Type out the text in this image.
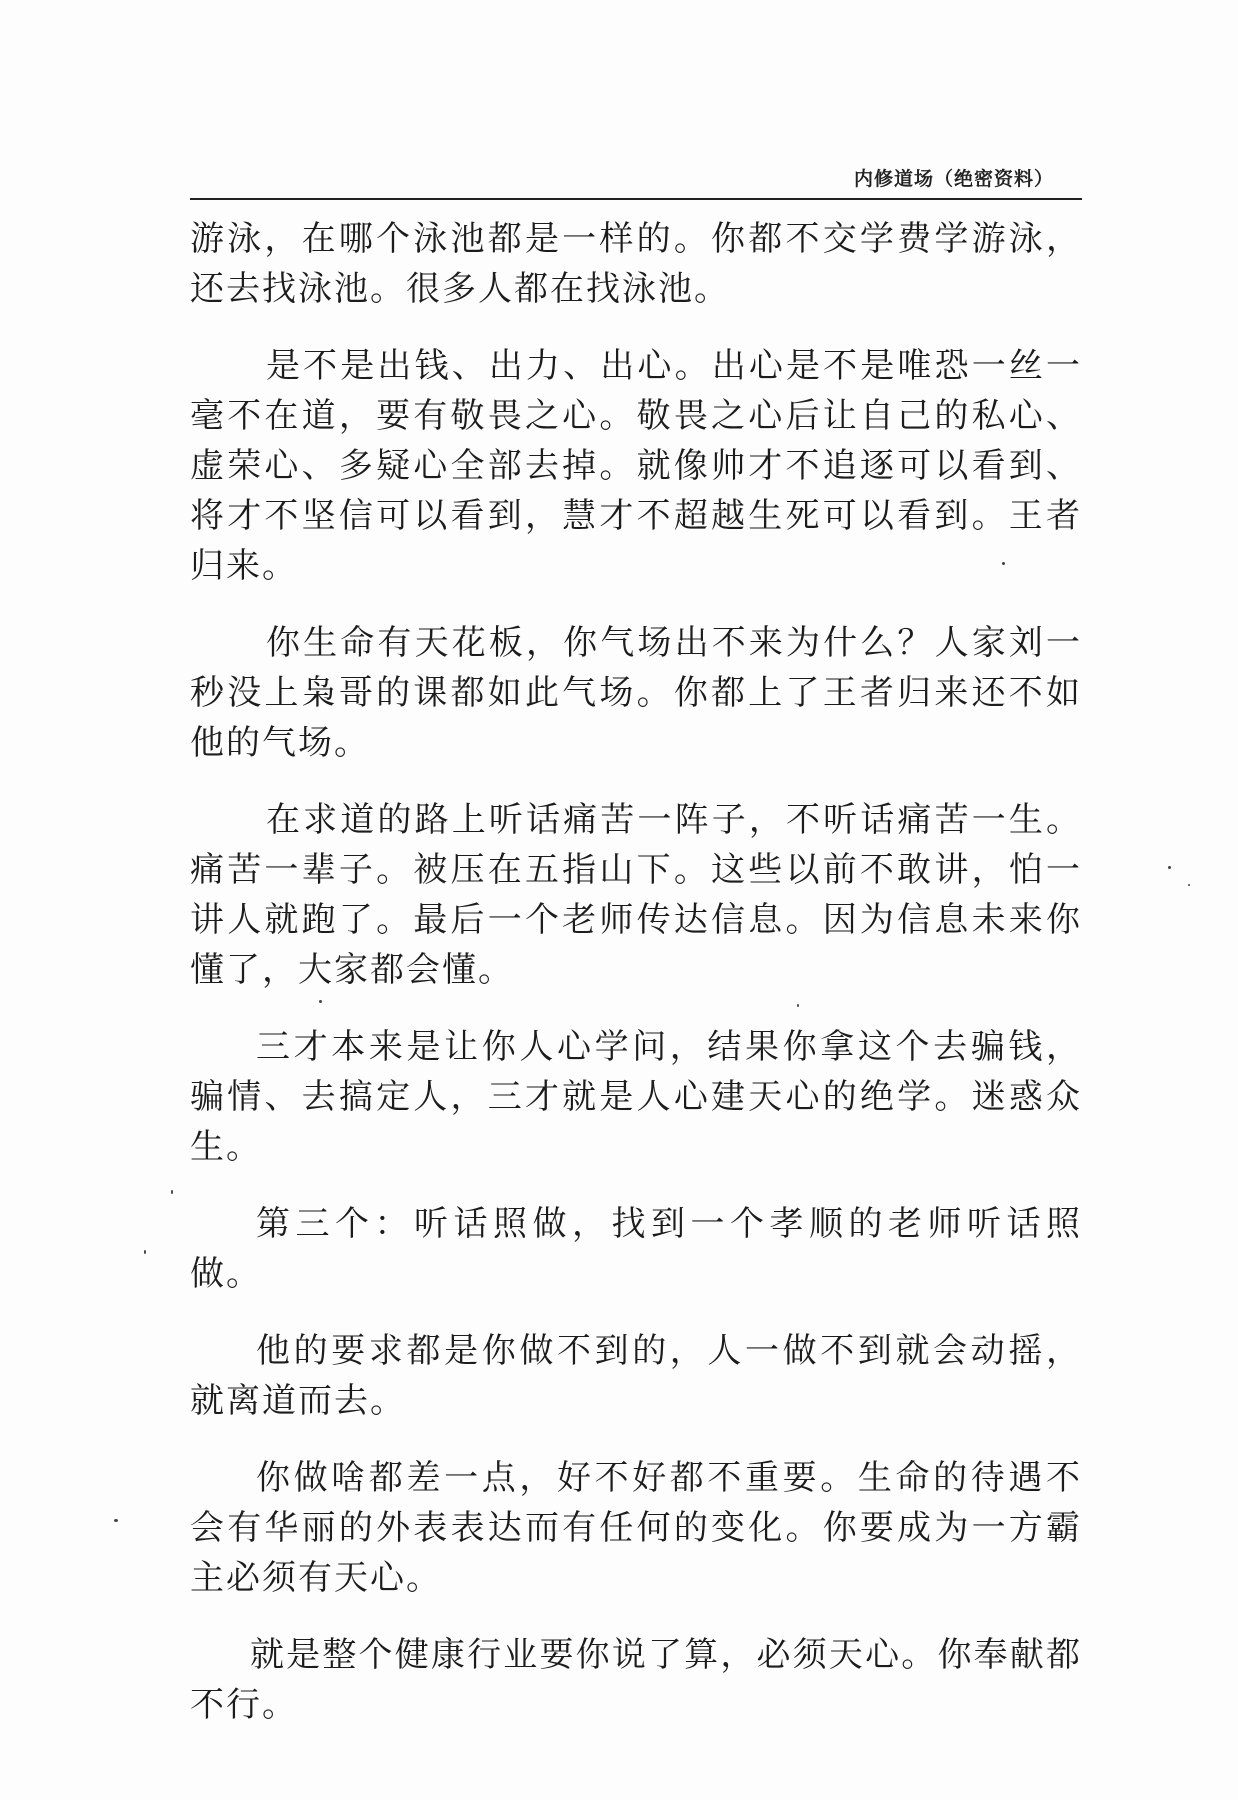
内修道场（绝密资料）

游泳，在哪个泳池都是一样的。你都不交学费学游泳，还去找泳池。很多人都在找泳池。

是不是出钱、出力、出心。出心是不是唯恐一丝一毫不在道，要有敬畏之心。敬畏之心后让自己的私心、虚荣心、多疑心全部去掉。就像帅才不追逐可以看到、将才不坚信可以看到，慧才不超越生死可以看到。王者归来。

你生命有天花板，你气场出不来为什么？人家刘一秒没上枭哥的课都如此气场。你都上了王者归来还不如他的气场。

在求道的路上听话痛苦一阵子，不听话痛苦一生。痛苦一辈子。被压在五指山下。这些以前不敢讲，怕一讲人就跑了。最后一个老师传达信息。因为信息未来你懂了，大家都会懂。

三才本来是让你人心学问，结果你拿这个去骗钱，骗情、去搞定人，三才就是人心建天心的绝学。迷惑众生。

第三个：听话照做，找到一个孝顺的老师听话照做。

他的要求都是你做不到的，人一做不到就会动摇，就离道而去。

你做啥都差一点，好不好都不重要。生命的待遇不会有华丽的外表表达而有任何的变化。你要成为一方霸主必须有天心。

就是整个健康行业要你说了算，必须天心。你奉献都不行。
